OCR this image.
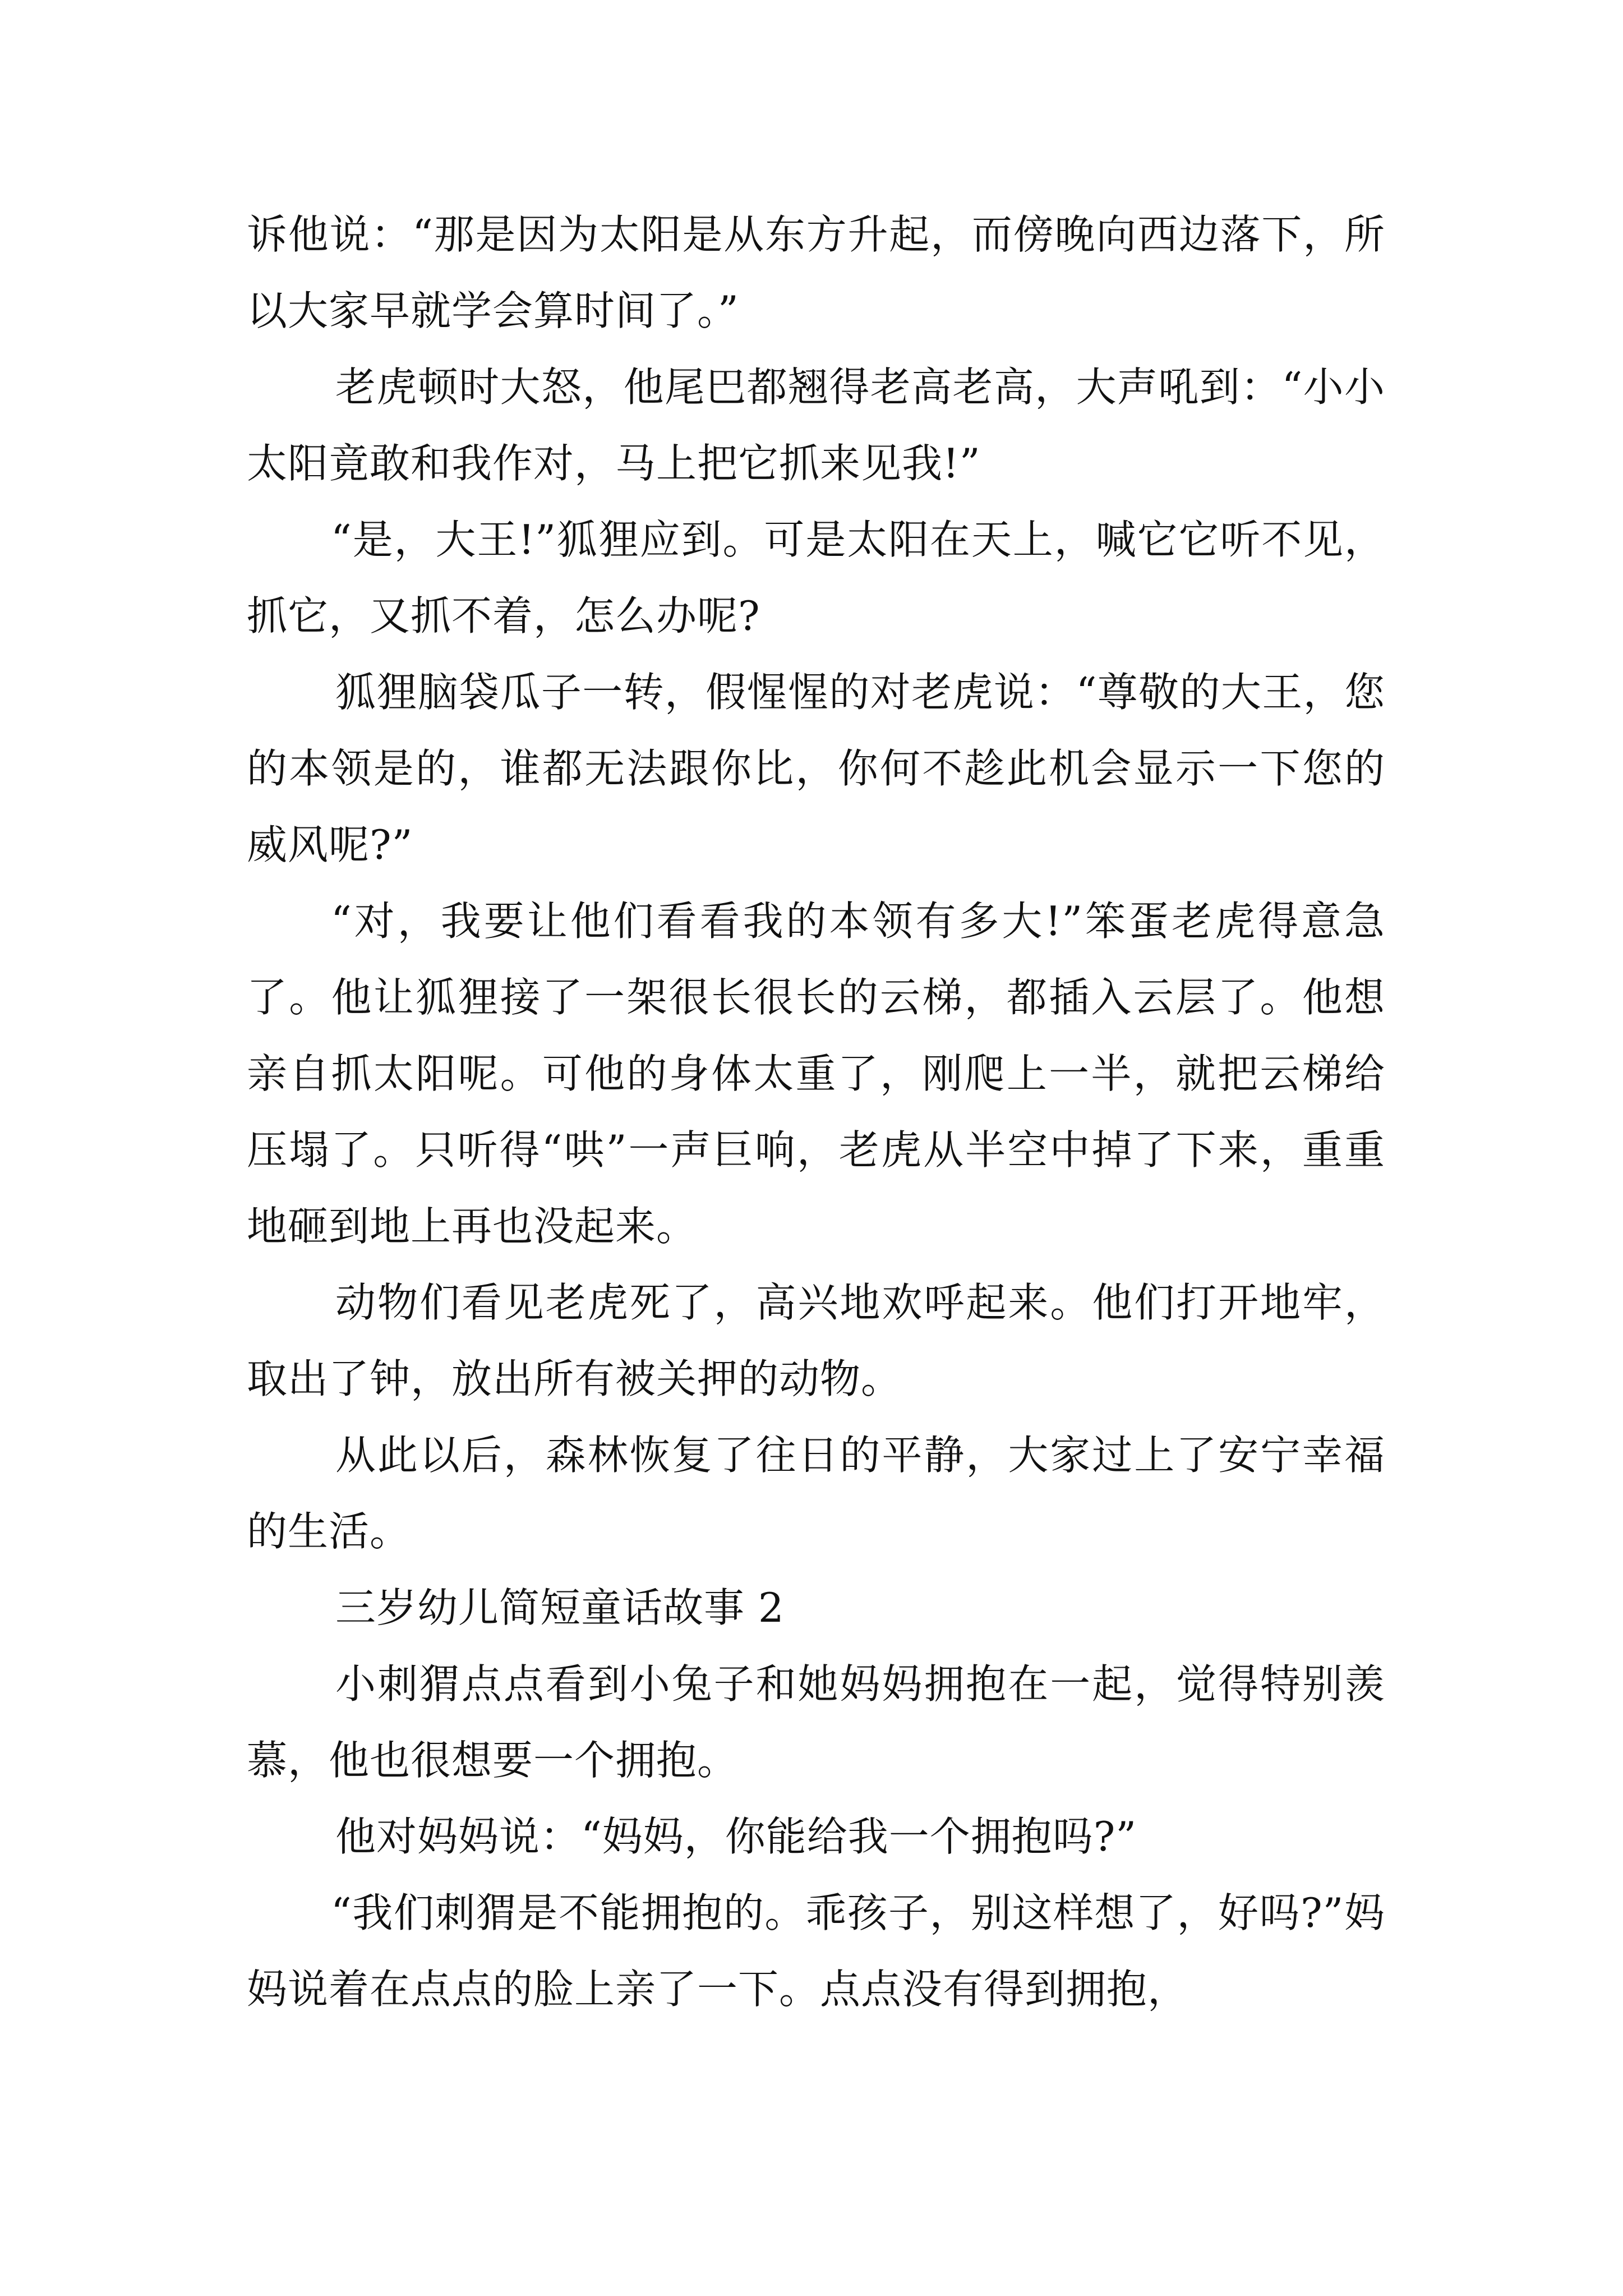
诉他说：“那是因为太阳是从东方升起，而傍晚向西边落下，所以大家早就学会算时间了。”

老虎顿时大怒，他尾巴都翘得老高老高，大声吼到：“小小太阳竟敢和我作对，马上把它抓来见我!”

“是，大王!”狐狸应到。可是太阳在天上，喊它它听不见，抓它，又抓不着，怎么办呢?

狐狸脑袋瓜子一转，假惺惺的对老虎说：“尊敬的大王，您的本领是的，谁都无法跟你比，你何不趁此机会显示一下您的威风呢?”

“对，我要让他们看看我的本领有多大!”笨蛋老虎得意急了。他让狐狸接了一架很长很长的云梯，都插入云层了。他想亲自抓太阳呢。可他的身体太重了，刚爬上一半，就把云梯给压塌了。只听得“哄”一声巨响，老虎从半空中掉了下来，重重地砸到地上再也没起来。

动物们看见老虎死了，高兴地欢呼起来。他们打开地牢，取出了钟，放出所有被关押的动物。

从此以后，森林恢复了往日的平静，大家过上了安宁幸福的生活。

三岁幼儿简短童话故事 2

小刺猬点点看到小兔子和她妈妈拥抱在一起，觉得特别羡慕，他也很想要一个拥抱。

他对妈妈说：“妈妈，你能给我一个拥抱吗?”

“我们刺猬是不能拥抱的。乖孩子，别这样想了，好吗?”妈妈说着在点点的脸上亲了一下。点点没有得到拥抱，
